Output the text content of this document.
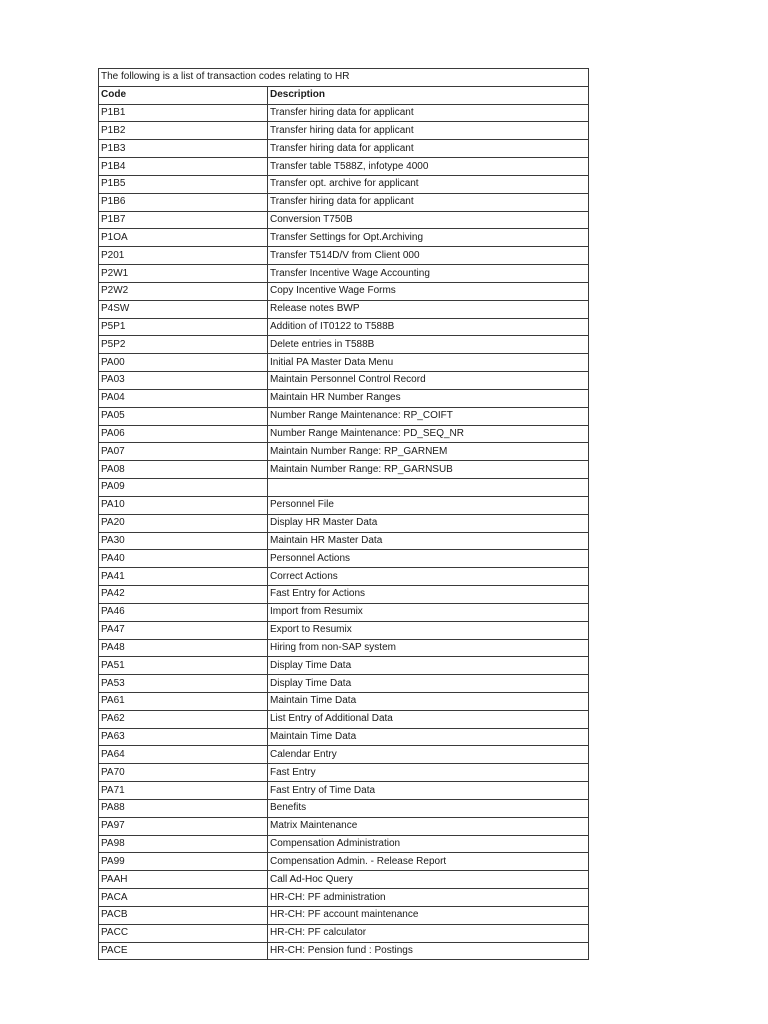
The following is a list of transaction codes relating to HR	
Code	Description
P1B1	Transfer hiring data for applicant
P1B2	Transfer hiring data for applicant
P1B3	Transfer hiring data for applicant
P1B4	Transfer table T588Z, infotype 4000
P1B5	Transfer opt. archive for applicant
P1B6	Transfer hiring data for applicant
P1B7	Conversion T750B
P1OA	Transfer Settings for Opt.Archiving
P201	Transfer T514D/V from Client 000
P2W1	Transfer Incentive Wage Accounting
P2W2	Copy Incentive Wage Forms
P4SW	Release notes BWP
P5P1	Addition of IT0122 to T588B
P5P2	Delete entries in T588B
PA00	Initial PA Master Data Menu
PA03	Maintain Personnel Control Record
PA04	Maintain HR Number Ranges
PA05	Number Range Maintenance: RP_COIFT
PA06	Number Range Maintenance: PD_SEQ_NR
PA07	Maintain Number Range: RP_GARNEM
PA08	Maintain Number Range: RP_GARNSUB
PA09	
PA10	Personnel File
PA20	Display HR Master Data
PA30	Maintain HR Master Data
PA40	Personnel Actions
PA41	Correct Actions
PA42	Fast Entry for Actions
PA46	Import from Resumix
PA47	Export to Resumix
PA48	Hiring from non-SAP system
PA51	Display Time Data
PA53	Display Time Data
PA61	Maintain Time Data
PA62	List Entry of Additional Data
PA63	Maintain Time Data
PA64	Calendar Entry
PA70	Fast Entry
PA71	Fast Entry of Time Data
PA88	Benefits
PA97	Matrix Maintenance
PA98	Compensation Administration
PA99	Compensation Admin. - Release Report
PAAH	Call Ad-Hoc Query
PACA	HR-CH: PF administration
PACB	HR-CH: PF account maintenance
PACC	HR-CH: PF calculator
PACE	HR-CH: Pension fund : Postings
